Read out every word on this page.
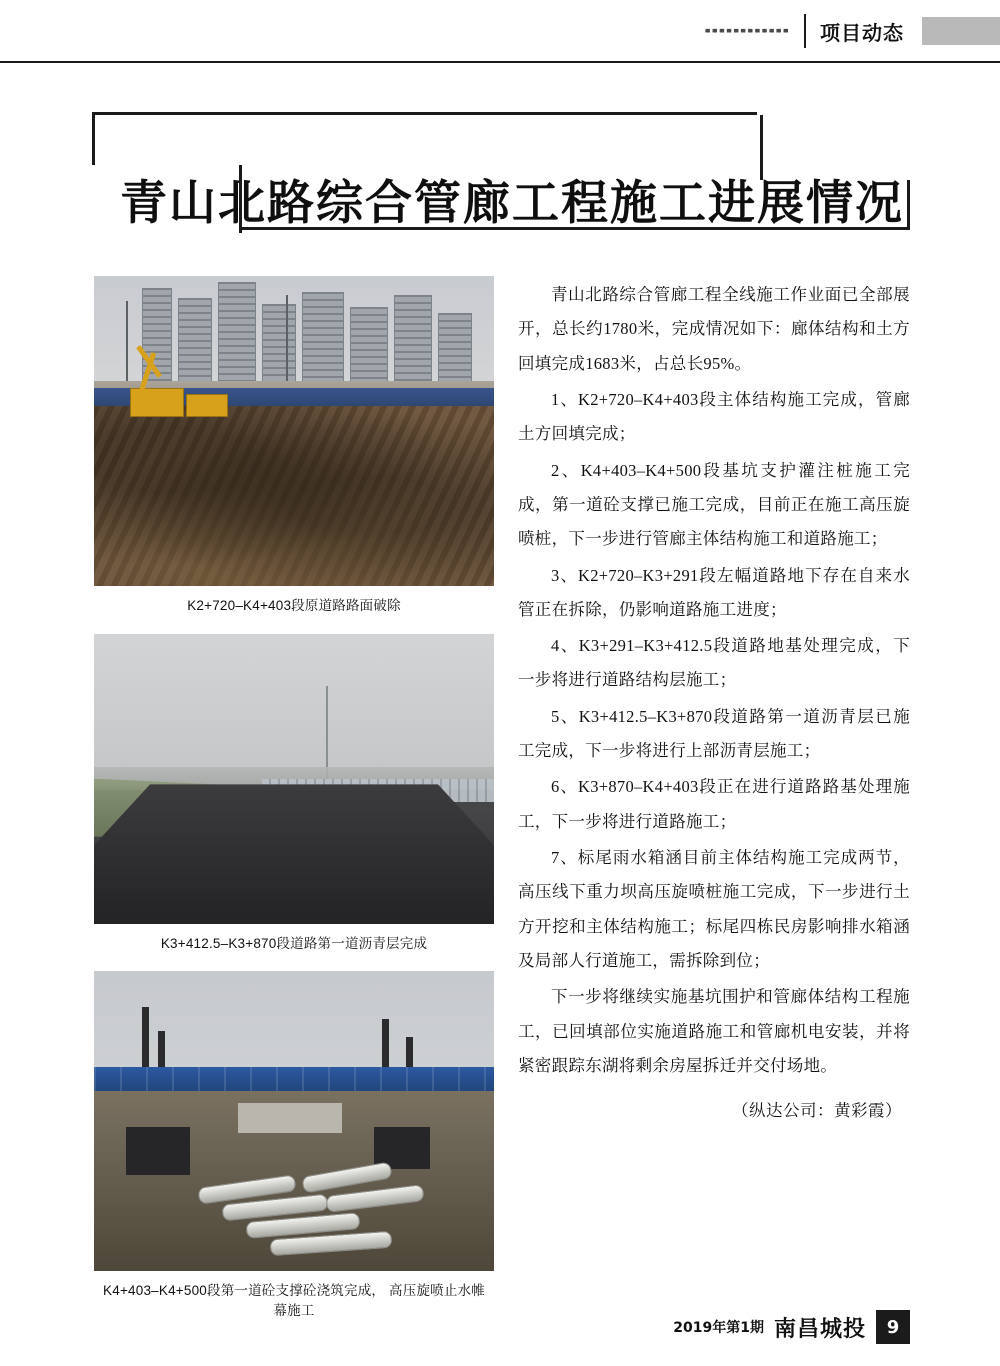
▪▪▪▪▪▪▪▪▪▪▪▪ 项目动态
青山北路综合管廊工程施工进展情况
K2+720–K4+403段原道路路面破除
K3+412.5–K3+870段道路第一道沥青层完成
K4+403–K4+500段第一道砼支撑砼浇筑完成， 高压旋喷止水帷幕施工

青山北路综合管廊工程全线施工作业面已全部展开，总长约1780米，完成情况如下：廊体结构和土方回填完成1683米，占总长95%。

1、K2+720–K4+403段主体结构施工完成，管廊土方回填完成；

2、K4+403–K4+500段基坑支护灌注桩施工完成，第一道砼支撑已施工完成，目前正在施工高压旋喷桩，下一步进行管廊主体结构施工和道路施工；

3、K2+720–K3+291段左幅道路地下存在自来水管正在拆除，仍影响道路施工进度；

4、K3+291–K3+412.5段道路地基处理完成，下一步将进行道路结构层施工；

5、K3+412.5–K3+870段道路第一道沥青层已施工完成，下一步将进行上部沥青层施工；

6、K3+870–K4+403段正在进行道路路基处理施工，下一步将进行道路施工；

7、标尾雨水箱涵目前主体结构施工完成两节，高压线下重力坝高压旋喷桩施工完成，下一步进行土方开挖和主体结构施工；标尾四栋民房影响排水箱涵及局部人行道施工，需拆除到位；

下一步将继续实施基坑围护和管廊体结构工程施工，已回填部位实施道路施工和管廊机电安装，并将紧密跟踪东湖将剩余房屋拆迁并交付场地。

（纵达公司：黄彩霞）
2019年第1期 南昌城投	9
